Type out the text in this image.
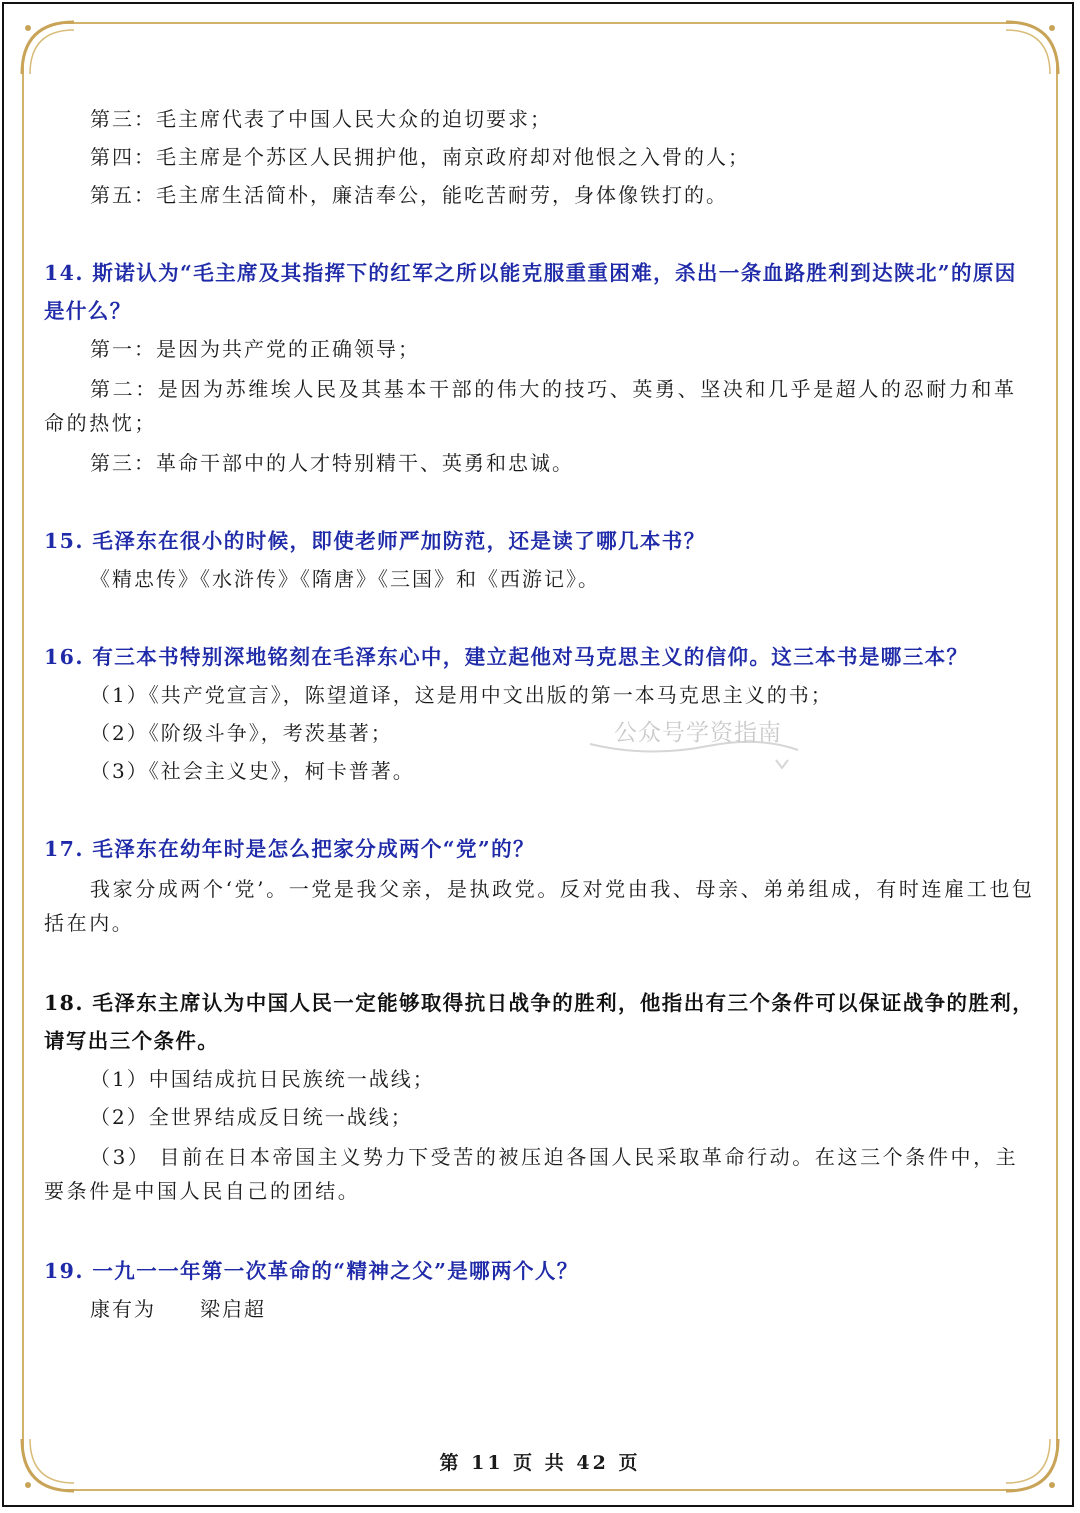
第三：毛主席代表了中国人民大众的迫切要求；

第四：毛主席是个苏区人民拥护他，南京政府却对他恨之入骨的人；

第五：毛主席生活简朴，廉洁奉公，能吃苦耐劳，身体像铁打的。

14. 斯诺认为“毛主席及其指挥下的红军之所以能克服重重困难，杀出一条血路胜利到达陕北”的原因是什么？

第一：是因为共产党的正确领导；

第二：是因为苏维埃人民及其基本干部的伟大的技巧、英勇、坚决和几乎是超人的忍耐力和革命的热忱；

第三：革命干部中的人才特别精干、英勇和忠诚。

15. 毛泽东在很小的时候，即使老师严加防范，还是读了哪几本书？

《精忠传》《水浒传》《隋唐》《三国》和《西游记》。

16. 有三本书特别深地铭刻在毛泽东心中，建立起他对马克思主义的信仰。这三本书是哪三本？

（1）《共产党宣言》，陈望道译，这是用中文出版的第一本马克思主义的书；

（2）《阶级斗争》，考茨基著；

（3）《社会主义史》，柯卡普著。

17. 毛泽东在幼年时是怎么把家分成两个“党”的？

我家分成两个‘党’。一党是我父亲，是执政党。反对党由我、母亲、弟弟组成，有时连雇工也包括在内。

18. 毛泽东主席认为中国人民一定能够取得抗日战争的胜利，他指出有三个条件可以保证战争的胜利，请写出三个条件。

（1）中国结成抗日民族统一战线；

（2）全世界结成反日统一战线；

（3） 目前在日本帝国主义势力下受苦的被压迫各国人民采取革命行动。在这三个条件中，主要条件是中国人民自己的团结。

19. 一九一一年第一次革命的“精神之父”是哪两个人？

康有为　　梁启超

公众号学资指南
第 11 页 共 42 页
